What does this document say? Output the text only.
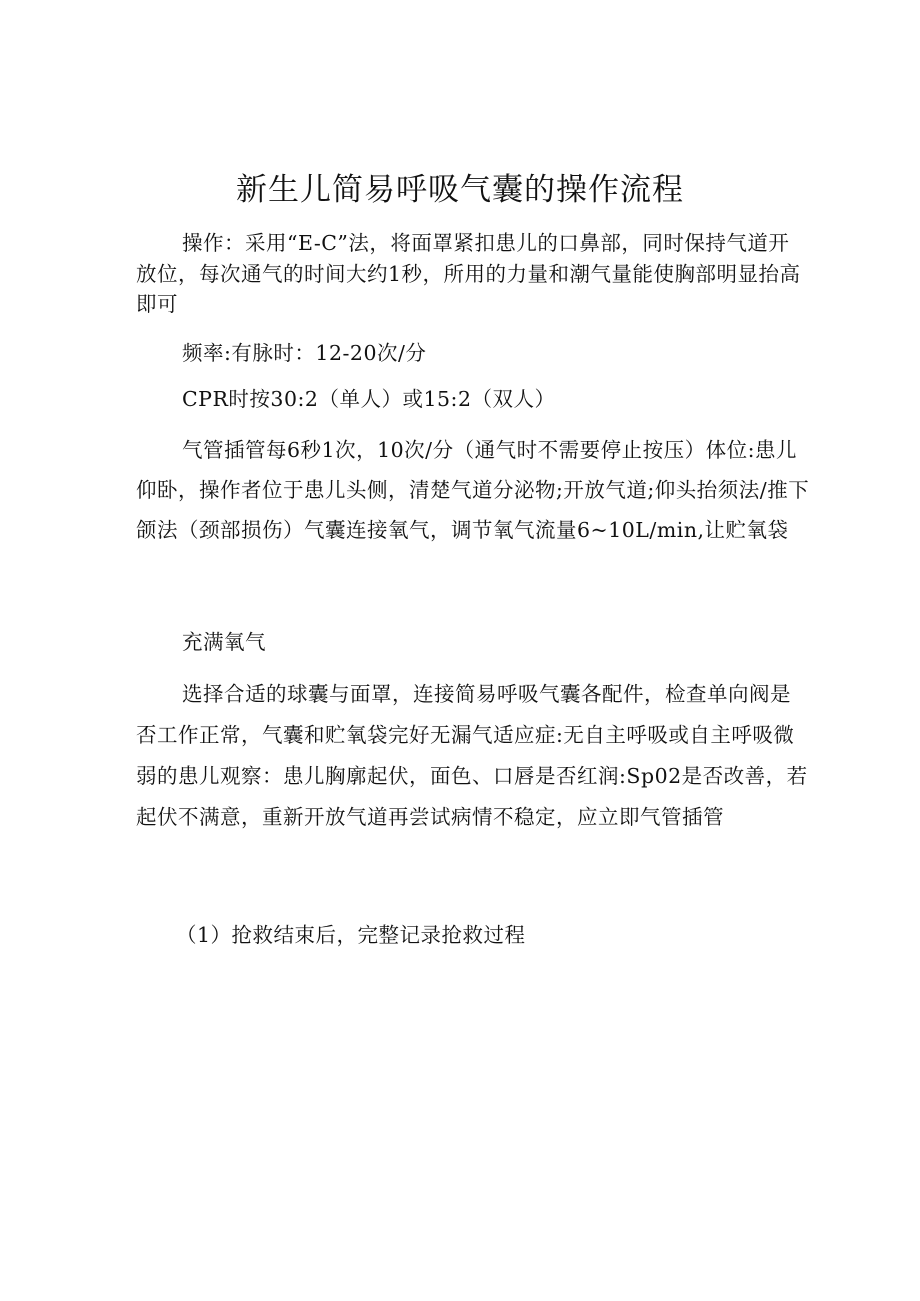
新生儿简易呼吸气囊的操作流程

操作：采用“E-C”法，将面罩紧扣患儿的口鼻部，同时保持气道开放位，每次通气的时间大约1秒，所用的力量和潮气量能使胸部明显抬高即可

频率:有脉时：12-20次/分

CPR时按30:2（单人）或15:2（双人）

气管插管每6秒1次，10次/分（通气时不需要停止按压）体位:患儿仰卧，操作者位于患儿头侧，清楚气道分泌物;开放气道;仰头抬须法/推下颌法（颈部损伤）气囊连接氧气，调节氧气流量6~10L/min,让贮氧袋

充满氧气

选择合适的球囊与面罩，连接简易呼吸气囊各配件，检查单向阀是否工作正常，气囊和贮氧袋完好无漏气适应症:无自主呼吸或自主呼吸微弱的患儿观察：患儿胸廓起伏，面色、口唇是否红润:Sp02是否改善，若起伏不满意，重新开放气道再尝试病情不稳定，应立即气管插管

（1）抢救结束后，完整记录抢救过程
